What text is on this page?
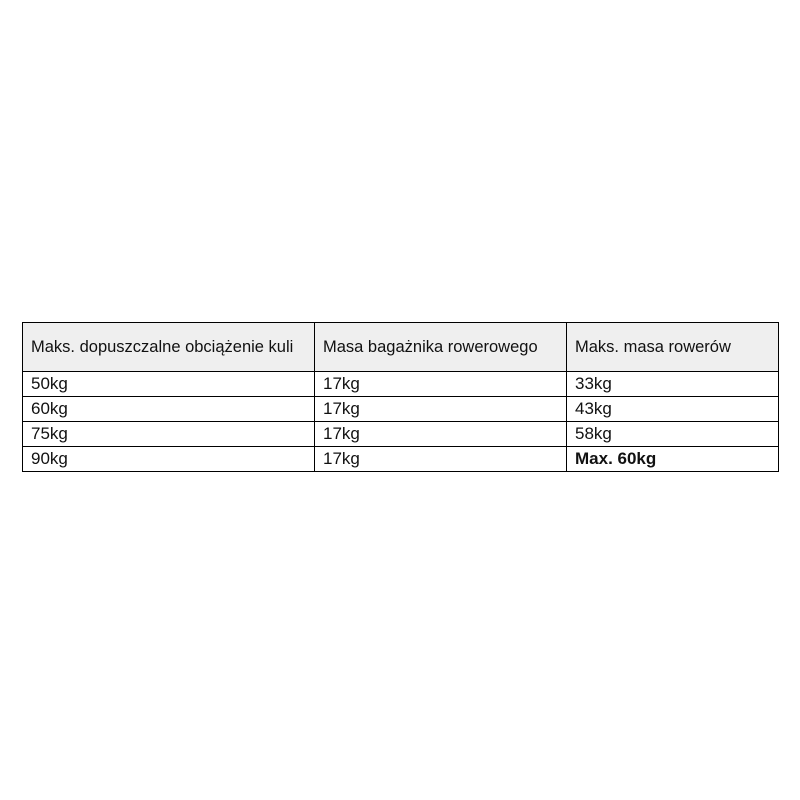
Maks. dopuszczalne obciążenie kuli	Masa bagażnika rowerowego	Maks. masa rowerów
50kg	17kg	33kg
60kg	17kg	43kg
75kg	17kg	58kg
90kg	17kg	Max. 60kg
